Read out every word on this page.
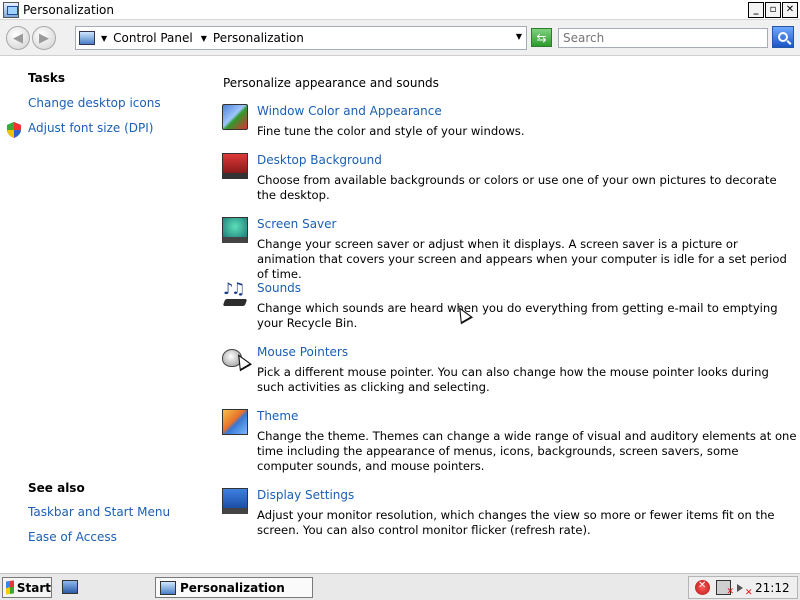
Personalization	_	▫ ✕
◀ ▶	▼ Control Panel ▼ Personalization	▼ ⇆
Search
Tasks
Change desktop icons
Adjust font size (DPI)
See also
Taskbar and Start Menu
Ease of Access
Personalize appearance and sounds
Window Color and Appearance
Fine tune the color and style of your windows.
Desktop Background
Choose from available backgrounds or colors or use one of your own pictures to decorate the desktop.
Screen Saver
Change your screen saver or adjust when it displays. A screen saver is a picture or animation that covers your screen and appears when your computer is idle for a set period of time.
♪
♫ Sounds
Change which sounds are heard when you do everything from getting e-mail to emptying your Recycle Bin.
Mouse Pointers
Pick a different mouse pointer. You can also change how the mouse pointer looks during such activities as clicking and selecting.
Theme
Change the theme. Themes can change a wide range of visual and auditory elements at one time including the appearance of menus, icons, backgrounds, screen savers, some computer sounds, and mouse pointers.
Display Settings
Adjust your monitor resolution, which changes the view so more or fewer items fit on the screen. You can also control monitor flicker (refresh rate).
Start	Personalization ✕ ✕ ✕	21:12
